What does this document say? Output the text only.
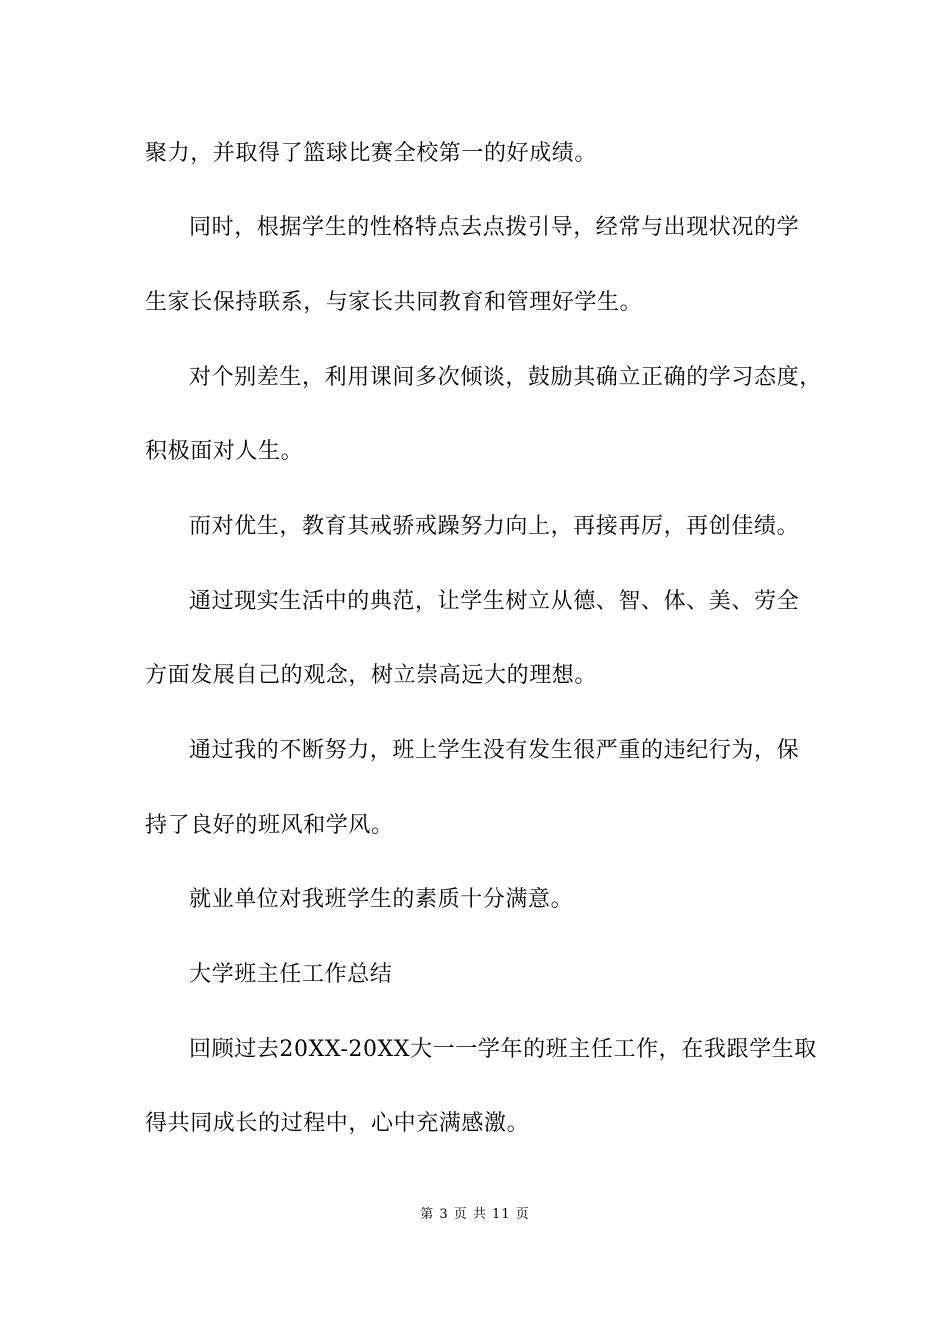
聚力，并取得了篮球比赛全校第一的好成绩。
同时，根据学生的性格特点去点拨引导，经常与出现状况的学
生家长保持联系，与家长共同教育和管理好学生。
对个别差生，利用课间多次倾谈，鼓励其确立正确的学习态度，
积极面对人生。
而对优生，教育其戒骄戒躁努力向上，再接再厉，再创佳绩。
通过现实生活中的典范，让学生树立从德、智、体、美、劳全
方面发展自己的观念，树立崇高远大的理想。
通过我的不断努力，班上学生没有发生很严重的违纪行为，保
持了良好的班风和学风。
就业单位对我班学生的素质十分满意。
大学班主任工作总结
回顾过去20XX-20XX大一一学年的班主任工作，在我跟学生取
得共同成长的过程中，心中充满感激。
第 3 页 共 11 页
